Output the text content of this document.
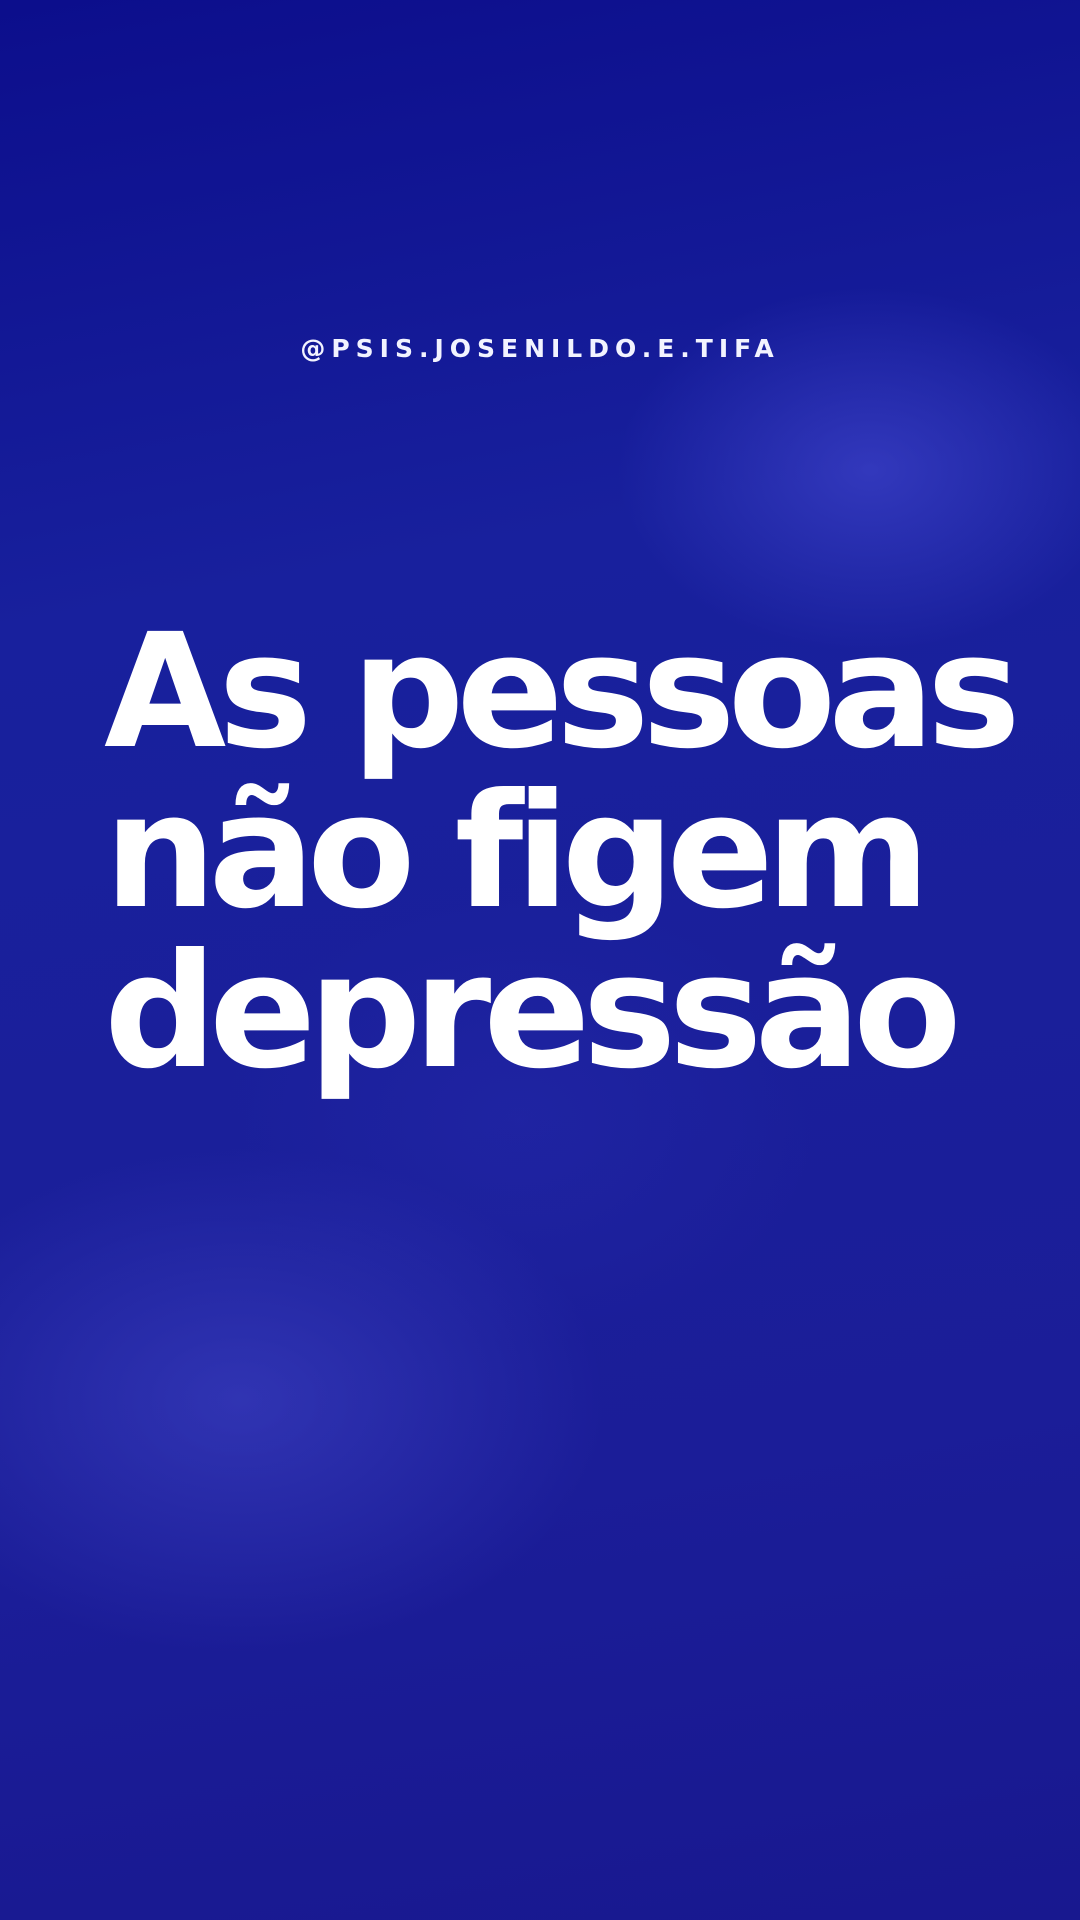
@PSIS.JOSENILDO.E.TIFA
As pessoas
não figem
depressão
